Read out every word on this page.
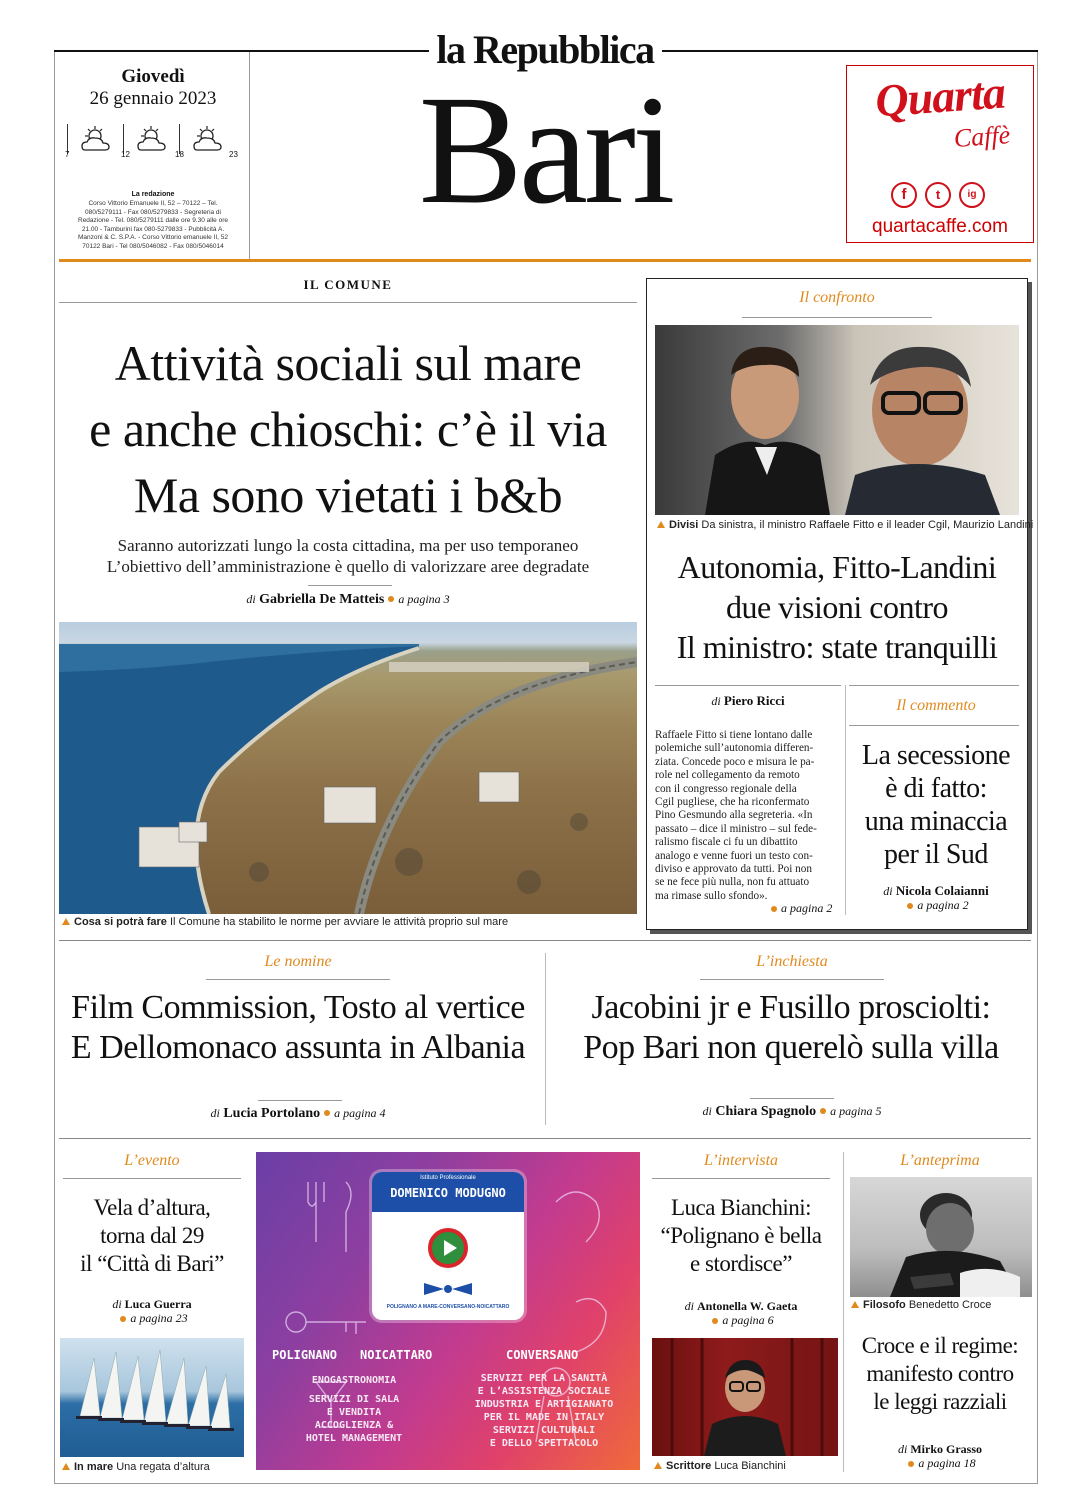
la Repubblica
Bari
Giovedì
26 gennaio 2023
7	12	18	23
La redazione
Corso Vittorio Emanuele II, 52 – 70122 – Tel. 080/5279111 - Fax 080/5279833 - Segreteria di Redazione - Tel. 080/5279111 dalle ore 9.30 alle ore 21.00 - Tamburini fax 080-5279833 - Pubblicità A. Manzoni & C. S.P.A. - Corso Vittorio emanuele II, 52 70122 Bari - Tel 080/5046082 - Fax 080/5046014
Quarta
Caffè
f	t	ig
quartacaffe.com
IL COMUNE
Attività sociali sul mare
e anche chioschi: c’è il via
Ma sono vietati i b&b
Saranno autorizzati lungo la costa cittadina, ma per uso temporaneo
L’obiettivo dell’amministrazione è quello di valorizzare aree degradate
di Gabriella De Matteis a pagina 3
Cosa si potrà fare Il Comune ha stabilito le norme per avviare le attività proprio sul mare
Il confronto
Divisi Da sinistra, il ministro Raffaele Fitto e il leader Cgil, Maurizio Landini
Autonomia, Fitto-Landini
due visioni contro
Il ministro: state tranquilli
di Piero Ricci
Raffaele Fitto si tiene lontano dalle
polemiche sull’autonomia differen-
ziata. Concede poco e misura le pa-
role nel collegamento da remoto
con il congresso regionale della
Cgil pugliese, che ha riconfermato
Pino Gesmundo alla segreteria. «In
passato – dice il ministro – sul fede-
ralismo fiscale ci fu un dibattito
analogo e venne fuori un testo con-
diviso e approvato da tutti. Poi non
se ne fece più nulla, non fu attuato
ma rimase sullo sfondo».
a pagina 2
Il commento
La secessione
è di fatto:
una minaccia
per il Sud
di Nicola Colaianni
a pagina 2
Le nomine
Film Commission, Tosto al vertice
E Dellomonaco assunta in Albania
di Lucia Portolano a pagina 4
L’inchiesta
Jacobini jr e Fusillo prosciolti:
Pop Bari non querelò sulla villa
di Chiara Spagnolo a pagina 5
L’evento
Vela d’altura,
torna dal 29
il “Città di Bari”
di Luca Guerra
a pagina 23
In mare Una regata d’altura
Istituto Professionale
DOMENICO MODUGNO
POLIGNANO A MARE-CONVERSANO-NOICATTARO
POLIGNANO	NOICATTARO	CONVERSANO
ENOGASTRONOMIA
SERVIZI DI SALA
E VENDITA
ACCOGLIENZA &
HOTEL MANAGEMENT
SERVIZI PER LA SANITÀ
E L’ASSISTENZA SOCIALE
INDUSTRIA E ARTIGIANATO
PER IL MADE IN ITALY
SERVIZI CULTURALI
E DELLO SPETTACOLO
L’intervista
Luca Bianchini:
“Polignano è bella
e stordisce”
di Antonella W. Gaeta
a pagina 6
Scrittore Luca Bianchini
L’anteprima
Filosofo Benedetto Croce
Croce e il regime:
manifesto contro
le leggi razziali
di Mirko Grasso
a pagina 18
